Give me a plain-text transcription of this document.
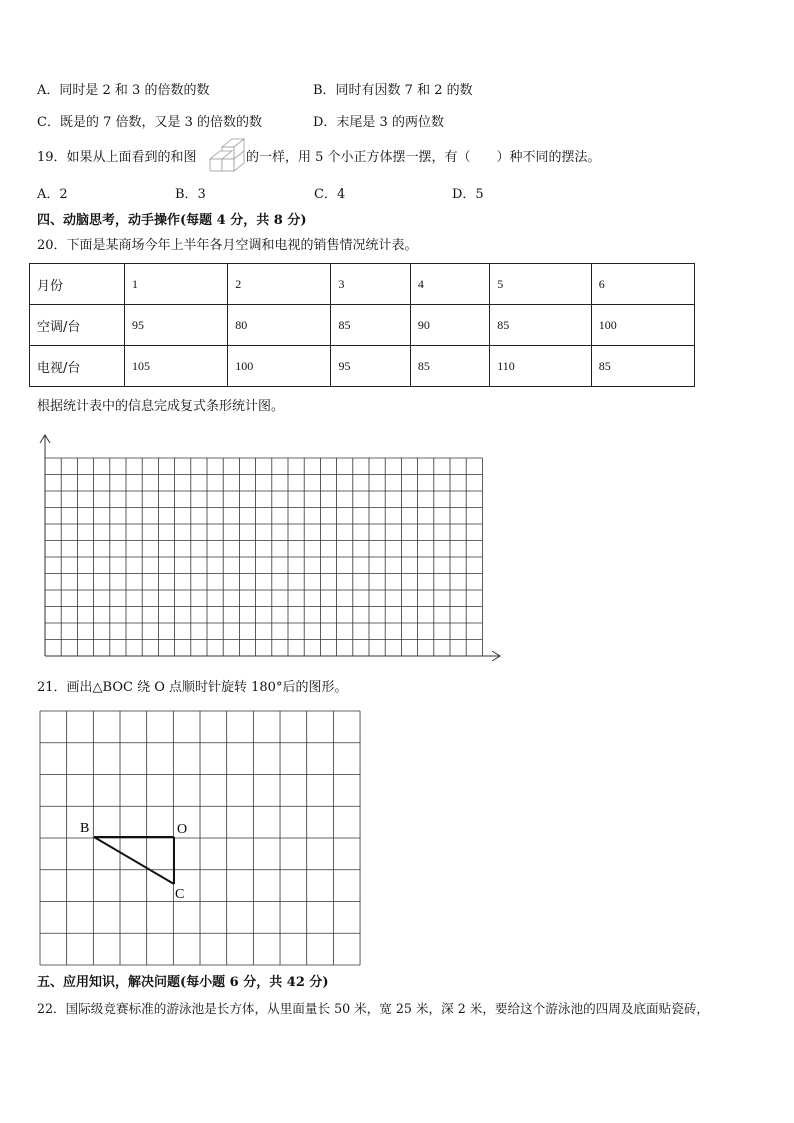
A．同时是 2 和 3 的倍数的数	B．同时有因数 7 和 2 的数
C．既是的 7 倍数，又是 3 的倍数的数	D．末尾是 3 的两位数
19．如果从上面看到的和图	的一样，用 5 个小正方体摆一摆，有（　　）种不同的摆法。
A．2	B．3	C．4	D．5
四、动脑思考，动手操作(每题 4 分，共 8 分)
20．下面是某商场今年上半年各月空调和电视的销售情况统计表。
月份	1	2	3	4	5	6
空调/台	95	80	85	90	85	100
电视/台	105	100	95	85	110	85
根据统计表中的信息完成复式条形统计图。
21．画出△BOC 绕 O 点顺时针旋转 180°后的图形。
B	O
C
五、应用知识，解决问题(每小题 6 分，共 42 分)
22．国际级竞赛标准的游泳池是长方体，从里面量长 50 米，宽 25 米，深 2 米，要给这个游泳池的四周及底面贴瓷砖，
